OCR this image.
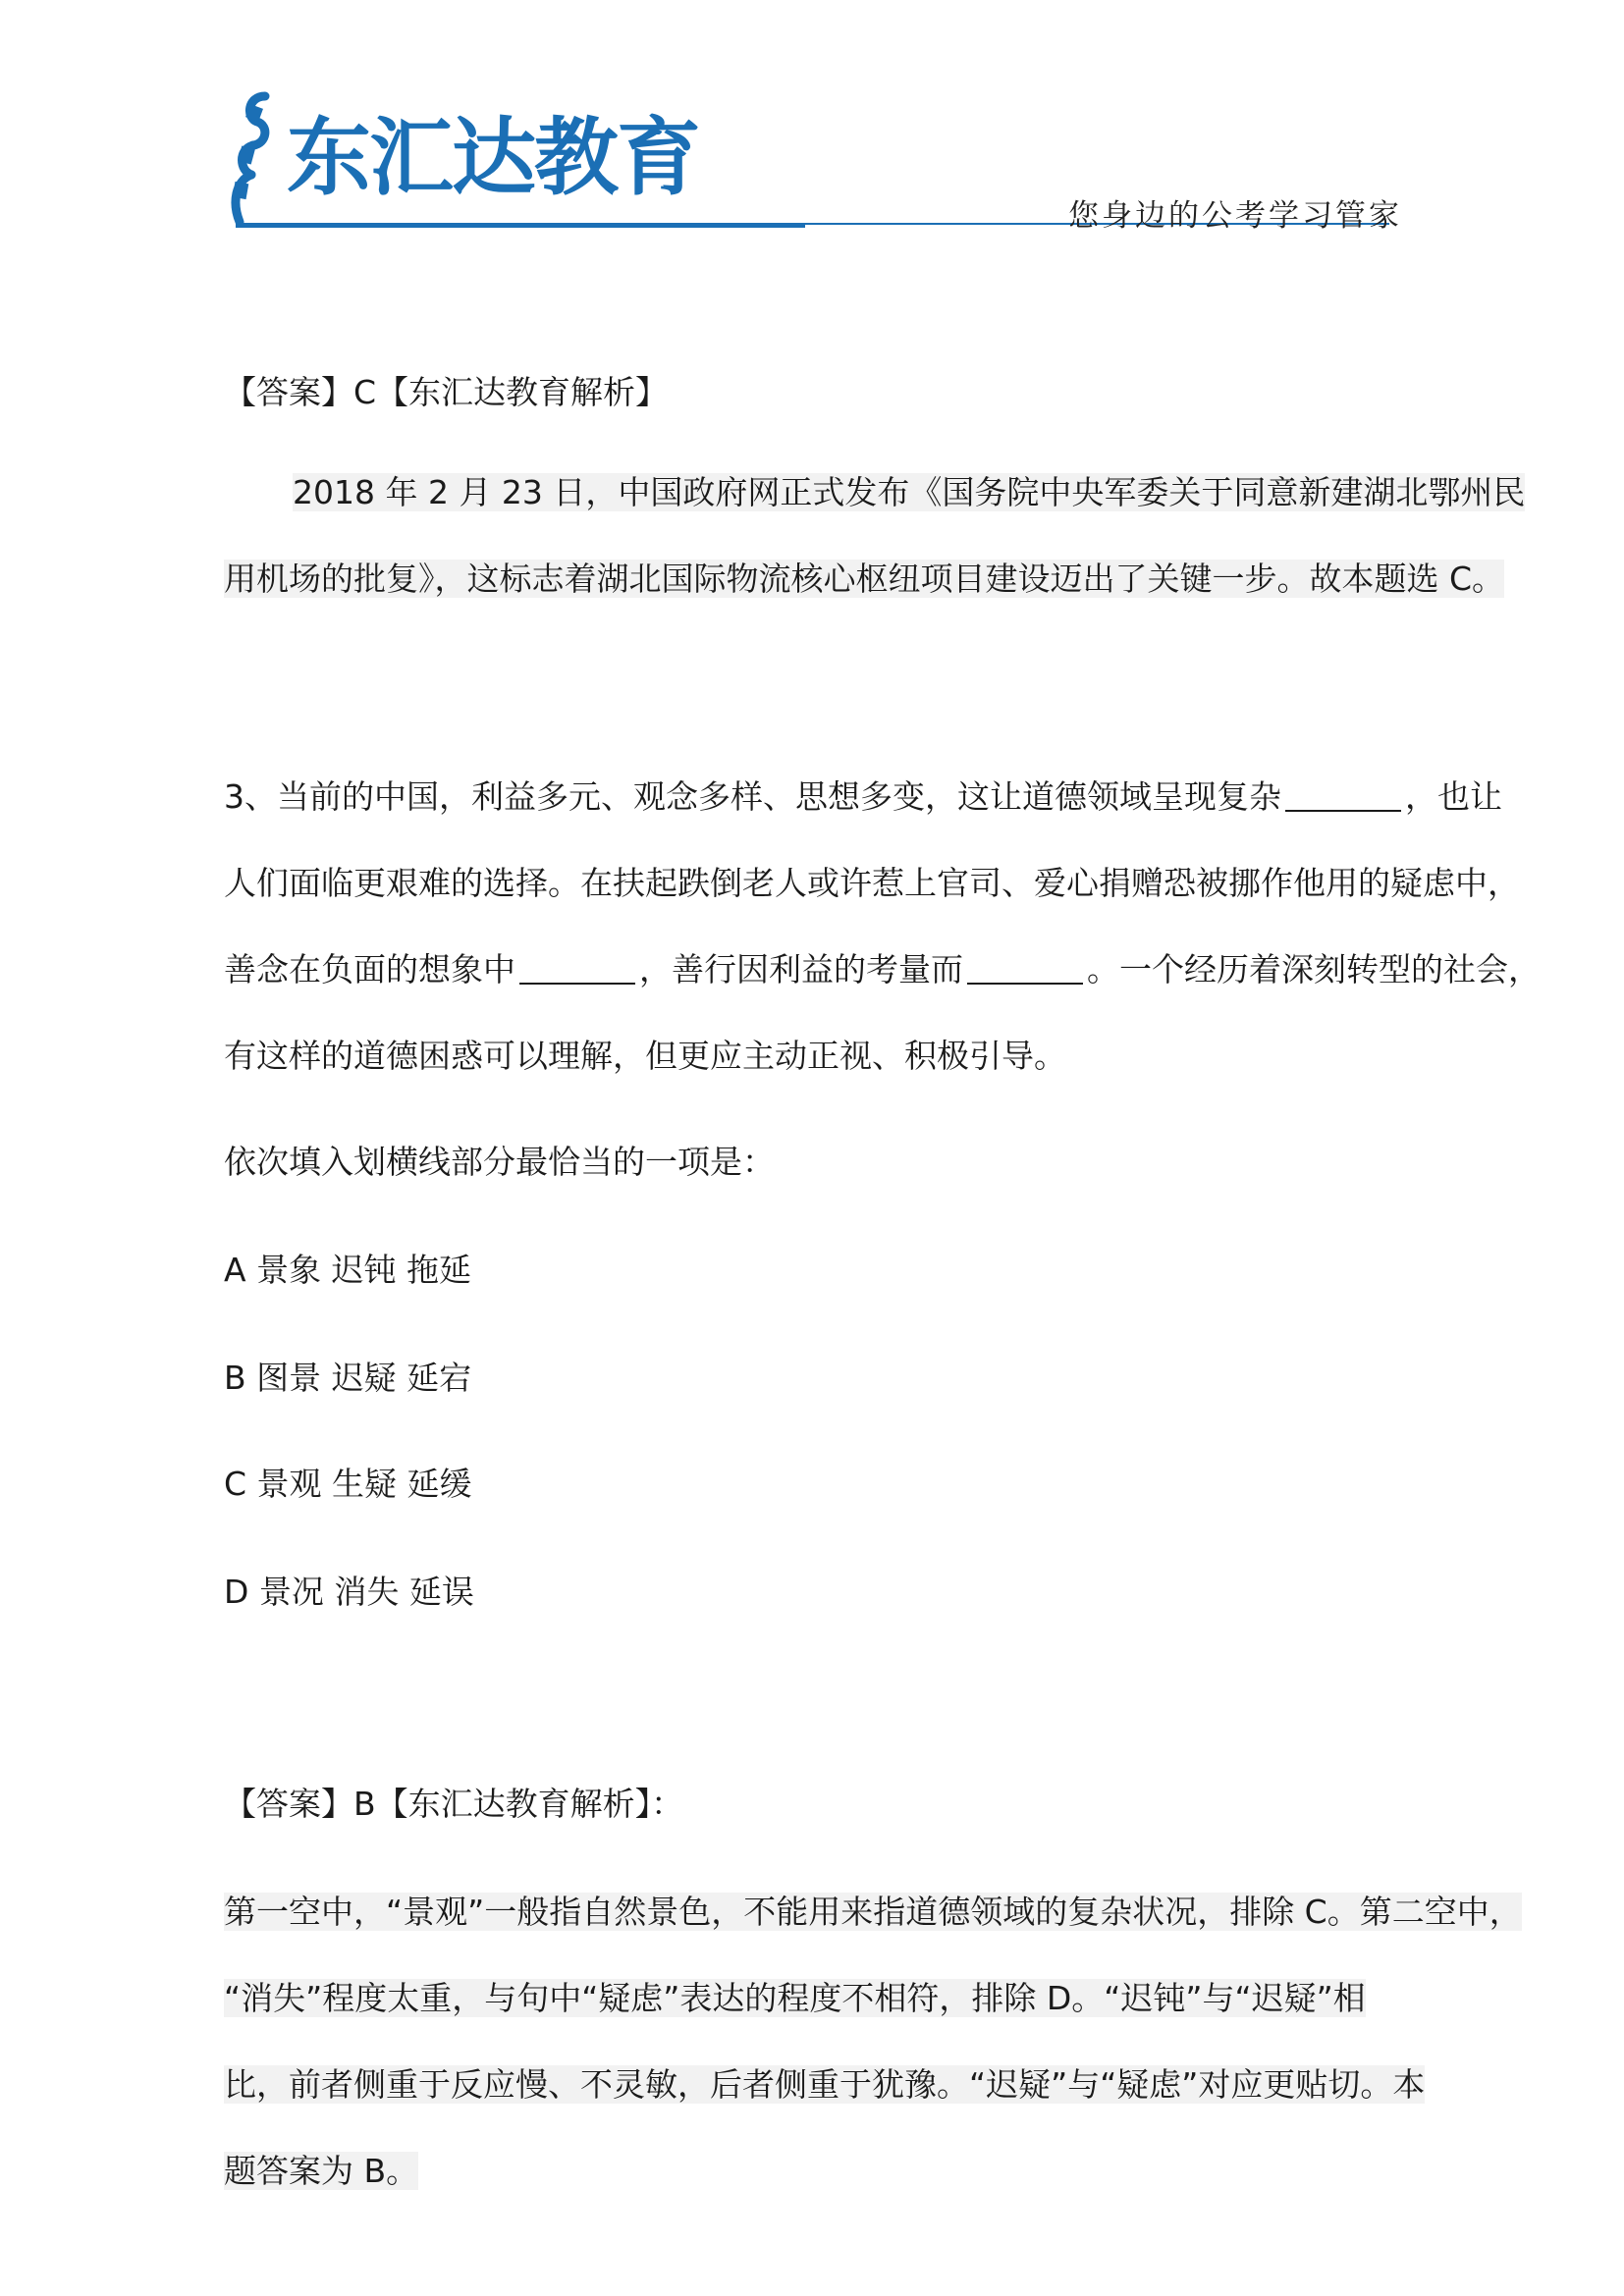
东汇达教育
您身边的公考学习管家
【答案】C【东汇达教育解析】
2018 年 2 月 23 日，中国政府网正式发布《国务院中央军委关于同意新建湖北鄂州民
用机场的批复》，这标志着湖北国际物流核心枢纽项目建设迈出了关键一步。故本题选 C。
3、当前的中国，利益多元、观念多样、思想多变，这让道德领域呈现复杂	，也让
人们面临更艰难的选择。在扶起跌倒老人或许惹上官司、爱心捐赠恐被挪作他用的疑虑中，
善念在负面的想象中	，善行因利益的考量而	。一个经历着深刻转型的社会，
有这样的道德困惑可以理解，但更应主动正视、积极引导。
依次填入划横线部分最恰当的一项是：
A 景象 迟钝 拖延
B 图景 迟疑 延宕
C 景观 生疑 延缓
D 景况 消失 延误
【答案】B【东汇达教育解析】：
第一空中，“景观”一般指自然景色，不能用来指道德领域的复杂状况，排除 C。第二空中，
“消失”程度太重，与句中“疑虑”表达的程度不相符，排除 D。“迟钝”与“迟疑”相
比，前者侧重于反应慢、不灵敏，后者侧重于犹豫。“迟疑”与“疑虑”对应更贴切。本
题答案为 B。
